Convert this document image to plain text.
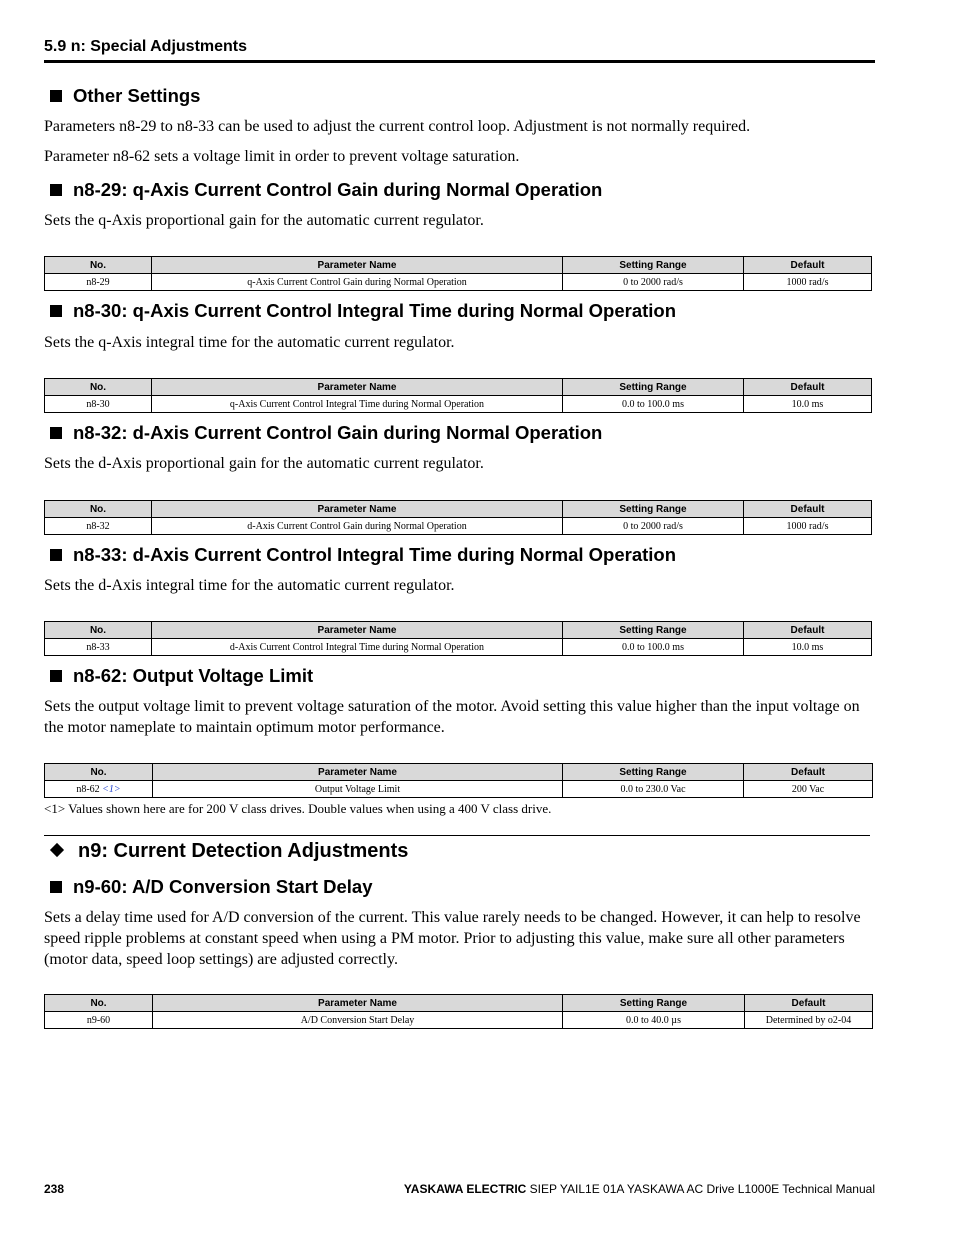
5.9 n: Special Adjustments
Other Settings
Parameters n8-29 to n8-33 can be used to adjust the current control loop. Adjustment is not normally required.
Parameter n8-62 sets a voltage limit in order to prevent voltage saturation.
n8-29: q-Axis Current Control Gain during Normal Operation
Sets the q-Axis proportional gain for the automatic current regulator.
No.	Parameter Name	Setting Range	Default
n8-29	q-Axis Current Control Gain during Normal Operation	0 to 2000 rad/s	1000 rad/s
n8-30: q-Axis Current Control Integral Time during Normal Operation
Sets the q-Axis integral time for the automatic current regulator.
No.	Parameter Name	Setting Range	Default
n8-30	q-Axis Current Control Integral Time during Normal Operation	0.0 to 100.0 ms	10.0 ms
n8-32: d-Axis Current Control Gain during Normal Operation
Sets the d-Axis proportional gain for the automatic current regulator.
No.	Parameter Name	Setting Range	Default
n8-32	d-Axis Current Control Gain during Normal Operation	0 to 2000 rad/s	1000 rad/s
n8-33: d-Axis Current Control Integral Time during Normal Operation
Sets the d-Axis integral time for the automatic current regulator.
No.	Parameter Name	Setting Range	Default
n8-33	d-Axis Current Control Integral Time during Normal Operation	0.0 to 100.0 ms	10.0 ms
n8-62: Output Voltage Limit
Sets the output voltage limit to prevent voltage saturation of the motor. Avoid setting this value higher than the input voltage on the motor nameplate to maintain optimum motor performance.
No.	Parameter Name	Setting Range	Default
n8-62 <1>	Output Voltage Limit	0.0 to 230.0 Vac	200 Vac
<1> Values shown here are for 200 V class drives. Double values when using a 400 V class drive.
n9: Current Detection Adjustments
n9-60: A/D Conversion Start Delay
Sets a delay time used for A/D conversion of the current. This value rarely needs to be changed. However, it can help to resolve speed ripple problems at constant speed when using a PM motor. Prior to adjusting this value, make sure all other parameters (motor data, speed loop settings) are adjusted correctly.
No.	Parameter Name	Setting Range	Default
n9-60	A/D Conversion Start Delay	0.0 to 40.0 µs	Determined by o2-04
238	YASKAWA ELECTRIC SIEP YAIL1E 01A YASKAWA AC Drive L1000E Technical Manual
